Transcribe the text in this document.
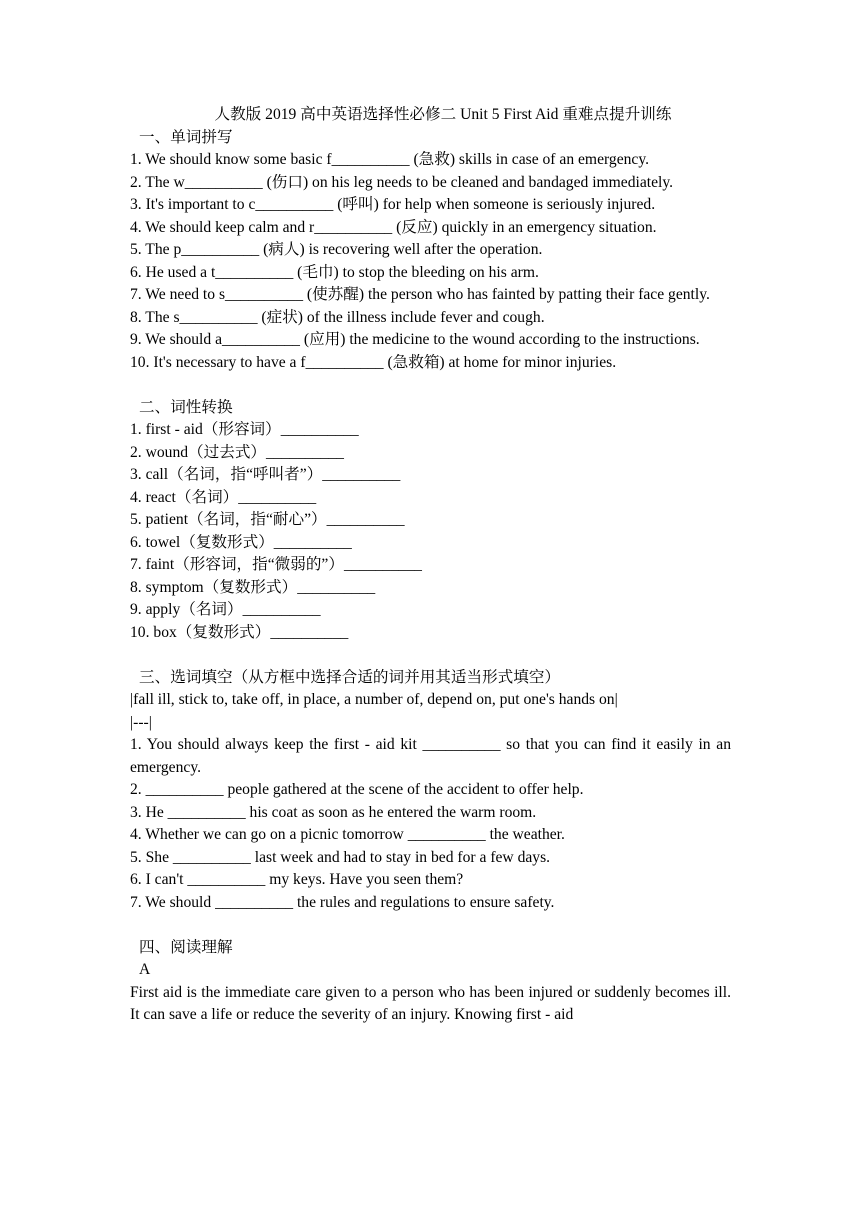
人教版 2019 高中英语选择性必修二 Unit 5 First Aid 重难点提升训练
一、单词拼写
1. We should know some basic f__________ (急救) skills in case of an emergency.
2. The w__________ (伤口) on his leg needs to be cleaned and bandaged immediately.
3. It's important to c__________ (呼叫) for help when someone is seriously injured.
4. We should keep calm and r__________ (反应) quickly in an emergency situation.
5. The p__________ (病人) is recovering well after the operation.
6. He used a t__________ (毛巾) to stop the bleeding on his arm.
7. We need to s__________ (使苏醒) the person who has fainted by patting their face gently.
8. The s__________ (症状) of the illness include fever and cough.
9. We should a__________ (应用) the medicine to the wound according to the instructions.
10. It's necessary to have a f__________ (急救箱) at home for minor injuries.
二、词性转换
1. first - aid（形容词）__________
2. wound（过去式）__________
3. call（名词，指“呼叫者”）__________
4. react（名词）__________
5. patient（名词，指“耐心”）__________
6. towel（复数形式）__________
7. faint（形容词，指“微弱的”）__________
8. symptom（复数形式）__________
9. apply（名词）__________
10. box（复数形式）__________
三、选词填空（从方框中选择合适的词并用其适当形式填空）
|fall ill, stick to, take off, in place, a number of, depend on, put one's hands on|
|---|
1. You should always keep the first - aid kit __________ so that you can find it easily in an emergency.
2. __________ people gathered at the scene of the accident to offer help.
3. He __________ his coat as soon as he entered the warm room.
4. Whether we can go on a picnic tomorrow __________ the weather.
5. She __________ last week and had to stay in bed for a few days.
6. I can't __________ my keys. Have you seen them?
7. We should __________ the rules and regulations to ensure safety.
四、阅读理解
A
First aid is the immediate care given to a person who has been injured or suddenly becomes ill. It can save a life or reduce the severity of an injury. Knowing first - aid
